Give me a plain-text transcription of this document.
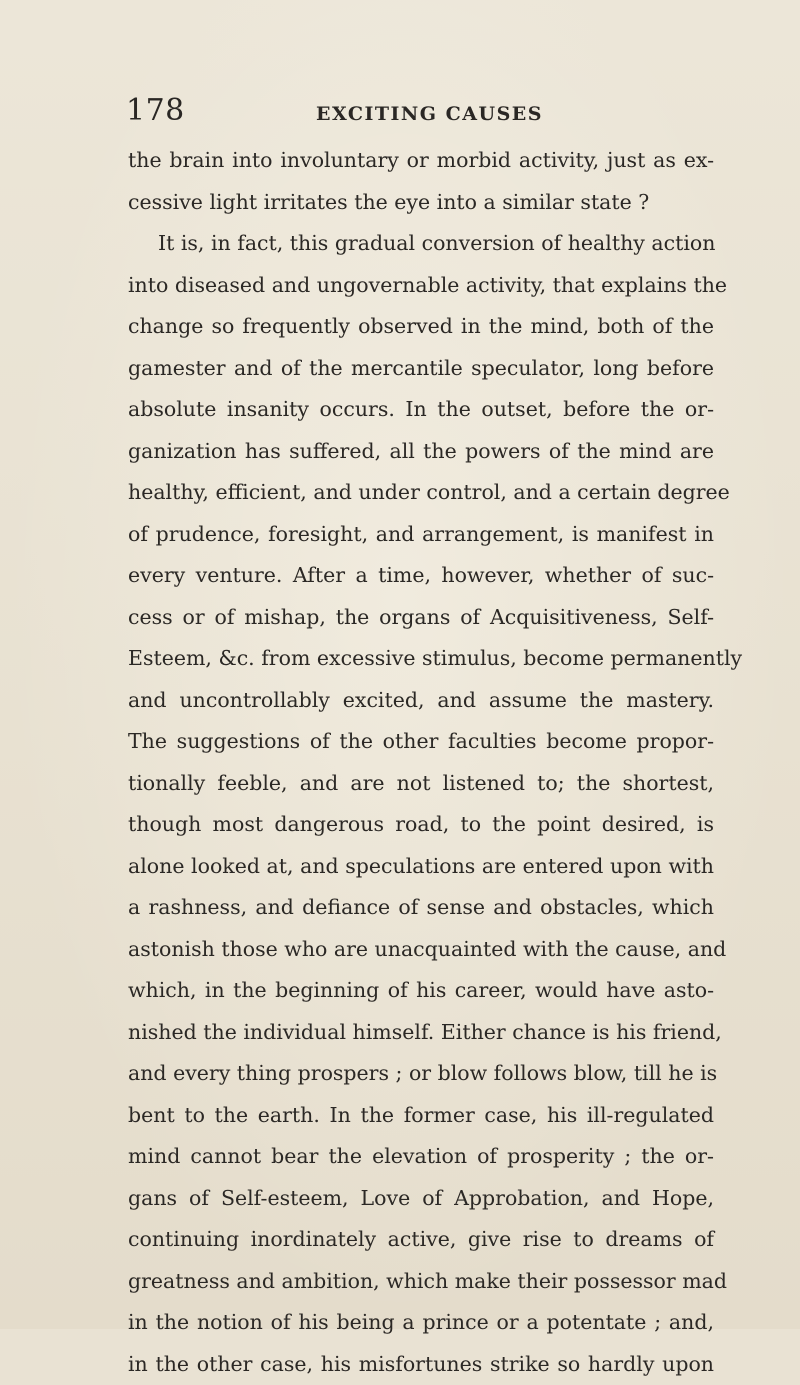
178	EXCITING CAUSES
the brain into involuntary or morbid activity, just as ex-
cessive light irritates the eye into a similar state ?
It is, in fact, this gradual conversion of healthy action
into diseased and ungovernable activity, that explains the
change so frequently observed in the mind, both of the
gamester and of the mercantile speculator, long before
absolute insanity occurs. In the outset, before the or-
ganization has suffered, all the powers of the mind are
healthy, efficient, and under control, and a certain degree
of prudence, foresight, and arrangement, is manifest in
every venture. After a time, however, whether of suc-
cess or of mishap, the organs of Acquisitiveness, Self-
Esteem, &c. from excessive stimulus, become permanently
and uncontrollably excited, and assume the mastery.
The suggestions of the other faculties become propor-
tionally feeble, and are not listened to; the shortest,
though most dangerous road, to the point desired, is
alone looked at, and speculations are entered upon with
a rashness, and defiance of sense and obstacles, which
astonish those who are unacquainted with the cause, and
which, in the beginning of his career, would have asto-
nished the individual himself. Either chance is his friend,
and every thing prospers ; or blow follows blow, till he is
bent to the earth. In the former case, his ill-regulated
mind cannot bear the elevation of prosperity ; the or-
gans of Self-esteem, Love of Approbation, and Hope,
continuing inordinately active, give rise to dreams of
greatness and ambition, which make their possessor mad
in the notion of his being a prince or a potentate ; and,
in the other case, his misfortunes strike so hardly upon
